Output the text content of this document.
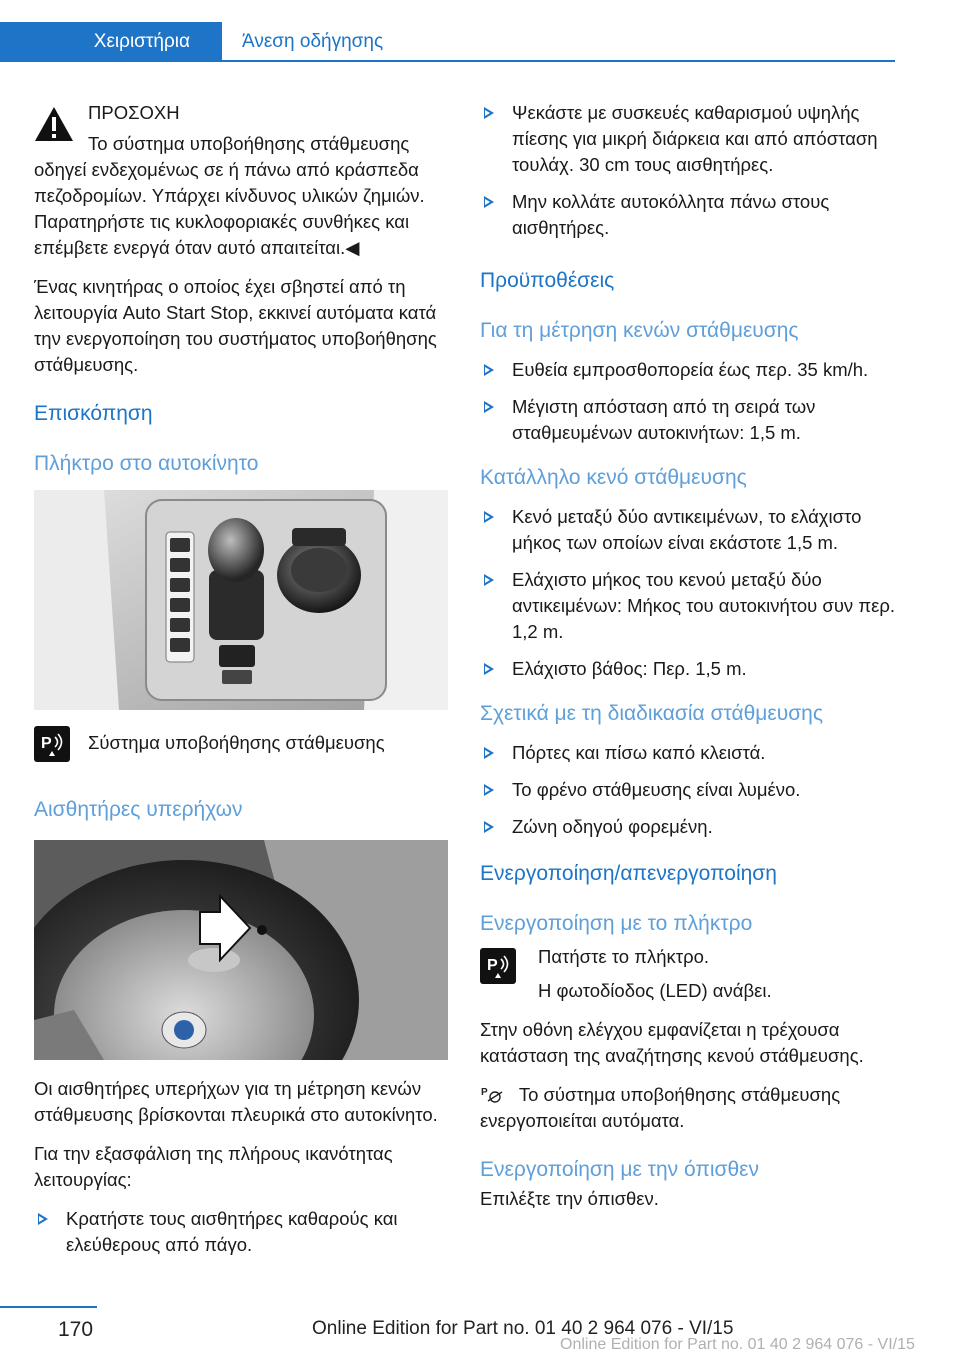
Χειριστήρια	Άνεση οδήγησης

ΠΡΟΣΟΧΗ

Το σύστημα υποβοήθησης στάθμευσης

οδηγεί ενδεχομένως σε ή πάνω από κράσπεδα πεζοδρομίων. Υπάρχει κίνδυνος υλικών ζημιών. Παρατηρήστε τις κυκλοφοριακές συνθήκες και επέμβετε ενεργά όταν αυτό απαιτείται.◀

Ένας κινητήρας ο οποίος έχει σβηστεί από τη λειτουργία Auto Start Stop, εκκινεί αυτόματα κατά την ενεργοποίηση του συστήματος υποβοήθησης στάθμευσης.

Επισκόπηση
Πλήκτρο στο αυτοκίνητο
P Σύστημα υποβοήθησης στάθμευσης

Αισθητήρες υπερήχων

Οι αισθητήρες υπερήχων για τη μέτρηση κενών στάθμευσης βρίσκονται πλευρικά στο αυτοκίνητο.

Για την εξασφάλιση της πλήρους ικανότητας λειτουργίας:

Κρατήστε τους αισθητήρες καθαρούς και ελεύθερους από πάγο.

Ψεκάστε με συσκευές καθαρισμού υψηλής πίεσης για μικρή διάρκεια και από απόσταση τουλάχ. 30 cm τους αισθητήρες.

Μην κολλάτε αυτοκόλλητα πάνω στους αισθητήρες.

Προϋποθέσεις
Για τη μέτρηση κενών στάθμευσης

Ευθεία εμπροσθοπορεία έως περ. 35 km/h.

Μέγιστη απόσταση από τη σειρά των σταθμευμένων αυτοκινήτων: 1,5 m.

Κατάλληλο κενό στάθμευσης

Κενό μεταξύ δύο αντικειμένων, το ελάχιστο μήκος των οποίων είναι εκάστοτε 1,5 m.

Ελάχιστο μήκος του κενού μεταξύ δύο αντικειμένων: Μήκος του αυτοκινήτου συν περ. 1,2 m.

Ελάχιστο βάθος: Περ. 1,5 m.

Σχετικά με τη διαδικασία στάθμευσης

Πόρτες και πίσω καπό κλειστά.

Το φρένο στάθμευσης είναι λυμένο.

Ζώνη οδηγού φορεμένη.

Ενεργοποίηση/απενεργοποίηση
Ενεργοποίηση με το πλήκτρο
P Πατήστε το πλήκτρο.

Η φωτοδίοδος (LED) ανάβει.

Στην οθόνη ελέγχου εμφανίζεται η τρέχουσα κατάσταση της αναζήτησης κενού στάθμευσης.

P Το σύστημα υποβοήθησης στάθμευσης ενεργοποιείται αυτόματα.

Ενεργοποίηση με την όπισθεν

Επιλέξτε την όπισθεν.

170	Online Edition for Part no. 01 40 2 964 076 - VI/15
Online Edition for Part no. 01 40 2 964 076 - VI/15
